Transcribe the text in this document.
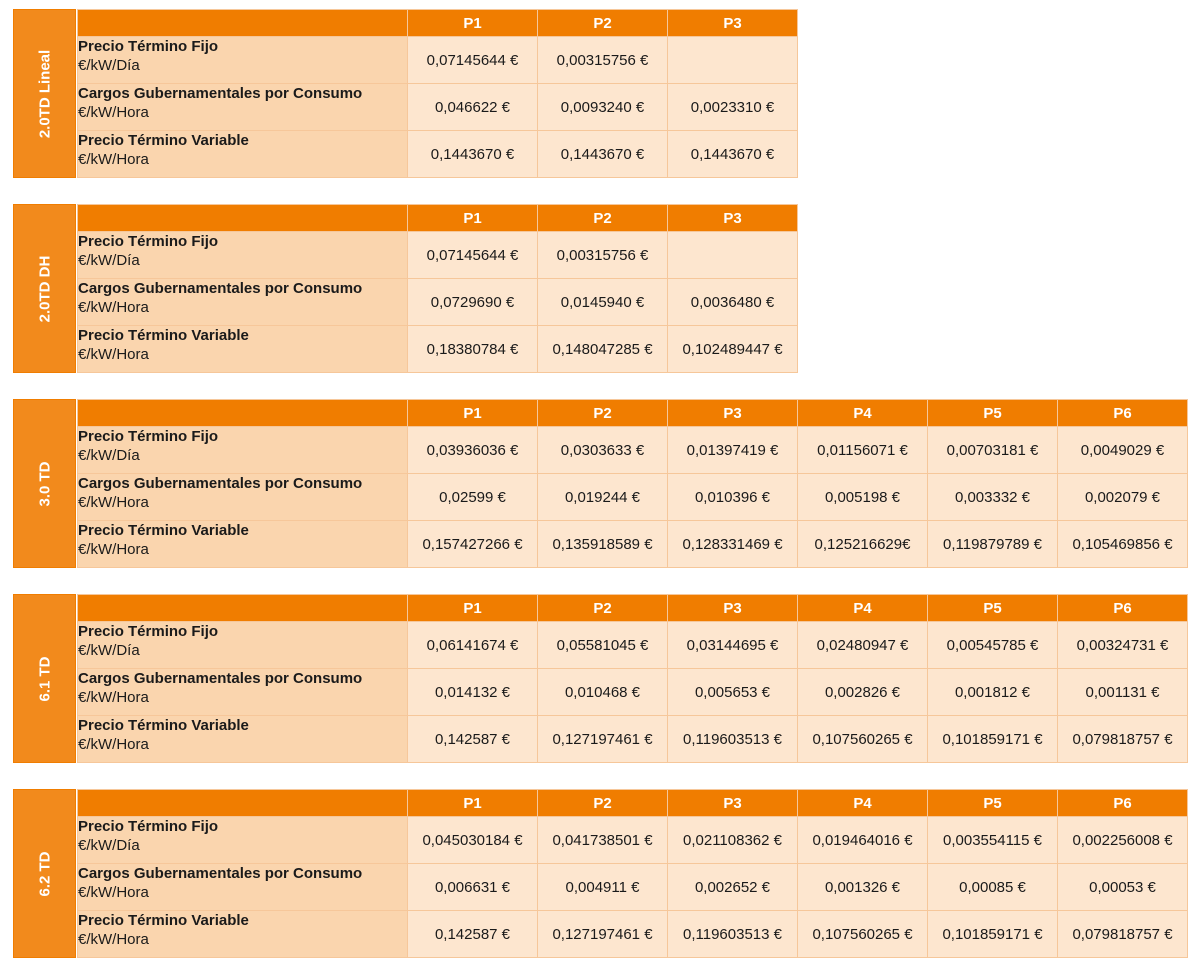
2.0TD Lineal
	P1	P2	P3

Precio Término Fijo
€/kW/Día	0,07145644 €	0,00315756 €	

Cargos Gubernamentales por Consumo
€/kW/Hora	0,046622 €	0,0093240 €	0,0023310 €

Precio Término Variable
€/kW/Hora	0,1443670 €	0,1443670 €	0,1443670 €
2.0TD DH
	P1	P2	P3

Precio Término Fijo
€/kW/Día	0,07145644 €	0,00315756 €	

Cargos Gubernamentales por Consumo
€/kW/Hora	0,0729690 €	0,0145940 €	0,0036480 €

Precio Término Variable
€/kW/Hora	0,18380784 €	0,148047285 €	0,102489447 €
3.0 TD
	P1	P2	P3	P4	P5	P6

Precio Término Fijo
€/kW/Día	0,03936036 €	0,0303633 €	0,01397419 €	0,01156071 €	0,00703181 €	0,0049029 €

Cargos Gubernamentales por Consumo
€/kW/Hora	0,02599 €	0,019244 €	0,010396 €	0,005198 €	0,003332 €	0,002079 €

Precio Término Variable
€/kW/Hora	0,157427266 €	0,135918589 €	0,128331469 €	0,125216629€	0,119879789 €	0,105469856 €
6.1 TD
	P1	P2	P3	P4	P5	P6

Precio Término Fijo
€/kW/Día	0,06141674 €	0,05581045 €	0,03144695 €	0,02480947 €	0,00545785 €	0,00324731 €

Cargos Gubernamentales por Consumo
€/kW/Hora	0,014132 €	0,010468 €	0,005653 €	0,002826 €	0,001812 €	0,001131 €

Precio Término Variable
€/kW/Hora	0,142587 €	0,127197461 €	0,119603513 €	0,107560265 €	0,101859171 €	0,079818757 €
6.2 TD
	P1	P2	P3	P4	P5	P6

Precio Término Fijo
€/kW/Día	0,045030184 €	0,041738501 €	0,021108362 €	0,019464016 €	0,003554115 €	0,002256008 €

Cargos Gubernamentales por Consumo
€/kW/Hora	0,006631 €	0,004911 €	0,002652 €	0,001326 €	0,00085 €	0,00053 €

Precio Término Variable
€/kW/Hora	0,142587 €	0,127197461 €	0,119603513 €	0,107560265 €	0,101859171 €	0,079818757 €
